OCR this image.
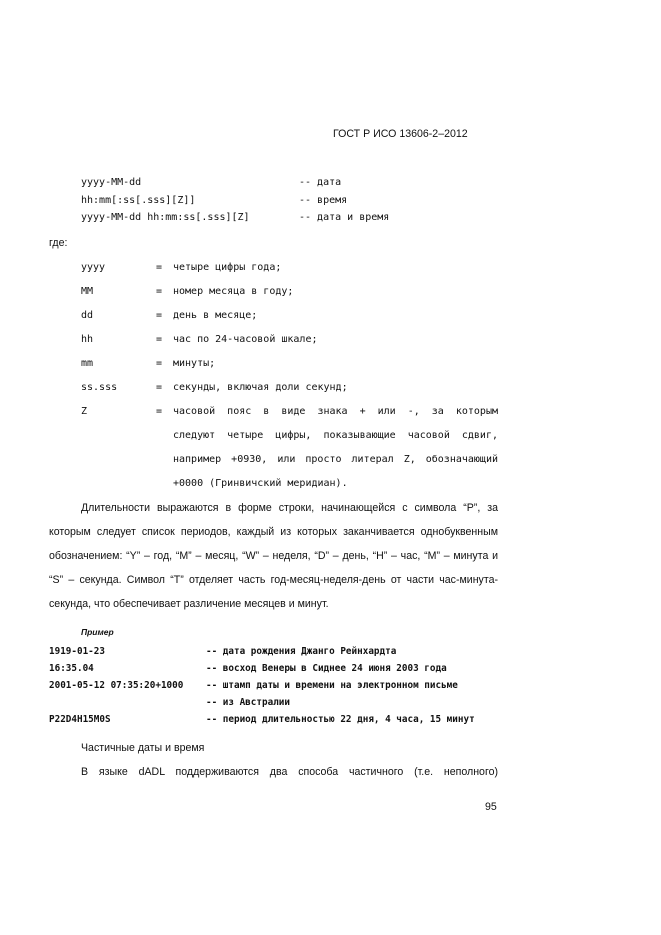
ГОСТ Р ИСО 13606-2–2012
yyyy-MM-dd	-- дата
hh:mm[:ss[.sss][Z]]	-- время
yyyy-MM-dd hh:mm:ss[.sss][Z]	-- дата и время
где:
yyyy	= четыре цифры года;
MM	= номер месяца в году;
dd	= день в месяце;
hh	= час по 24-часовой шкале;
mm	= минуты;
ss.sss	= секунды, включая доли секунд;
Z	= часовой пояс в виде знака + или -, за которым
следуют четыре цифры, показывающие часовой сдвиг,
например +0930, или просто литерал Z, обозначающий
+0000 (Гринвичский меридиан).
Длительности выражаются в форме строки, начинающейся с символа “P”, за
которым следует список периодов, каждый из которых заканчивается однобуквенным
обозначением: “Y” – год, “M” – месяц, “W” – неделя, “D” – день, “H” – час, “M” – минута и
“S” – секунда. Символ “T” отделяет часть год-месяц-неделя-день от части час-минута-
секунда, что обеспечивает различение месяцев и минут.
Пример
1919-01-23	-- дата рождения Джанго Рейнхардта
16:35.04	-- восход Венеры в Сиднее 24 июня 2003 года
2001-05-12 07:35:20+1000 -- штамп даты и времени на электронном письме
-- из Австралии
P22D4H15M0S	-- период длительностью 22 дня, 4 часа, 15 минут
Частичные даты и время
В языке dADL поддерживаются два способа частичного (т.е. неполного)
95
